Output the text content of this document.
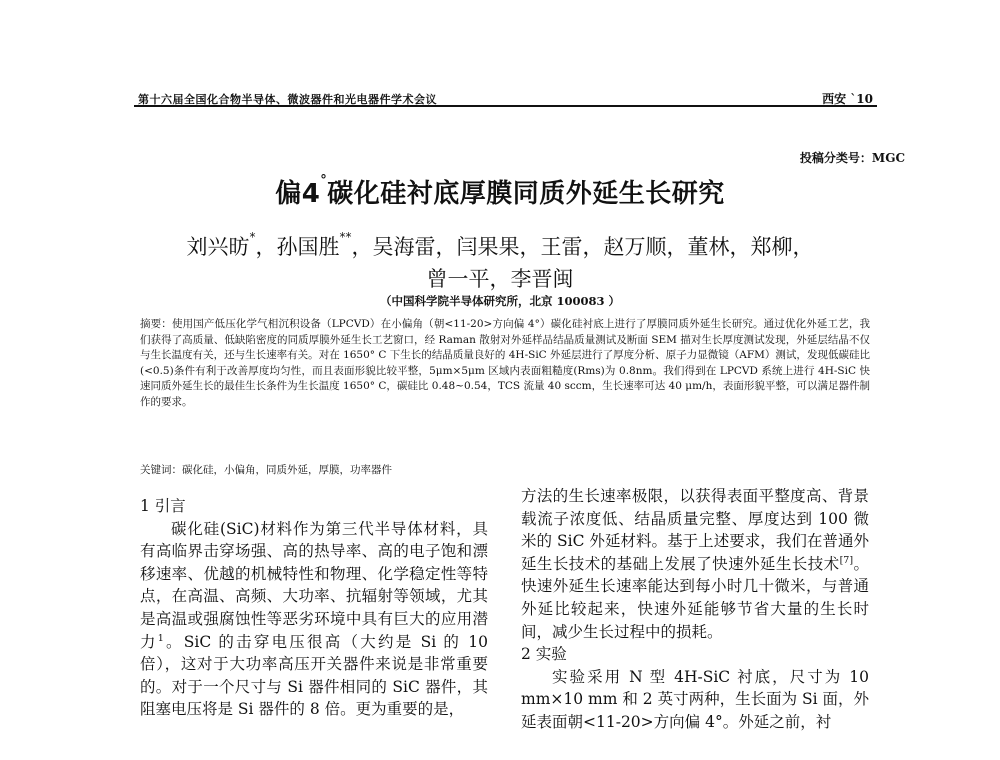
第十六届全国化合物半导体、微波器件和光电器件学术会议	西安 `10
投稿分类号：MGC
偏4°碳化硅衬底厚膜同质外延生长研究
刘兴昉*，孙国胜**，吴海雷，闫果果，王雷，赵万顺，董林，郑柳，
曾一平，李晋闽
（中国科学院半导体研究所，北京 100083 ）

摘要：使用国产低压化学气相沉积设备（LPCVD）在小偏角（朝<11-20>方向偏 4°）碳化硅衬底上进行了厚膜同质外延生长研究。通过优化外延工艺，我们获得了高质量、低缺陷密度的同质厚膜外延生长工艺窗口，经 Raman 散射对外延样品结晶质量测试及断面 SEM 描对生长厚度测试发现，外延层结晶不仅与生长温度有关，还与生长速率有关。对在 1650° C 下生长的结晶质量良好的 4H-SiC 外延层进行了厚度分析、原子力显微镜（AFM）测试，发现低碳硅比(<0.5)条件有利于改善厚度均匀性，而且表面形貌比较平整，5μm×5μm 区域内表面粗糙度(Rms)为 0.8nm。我们得到在 LPCVD 系统上进行 4H-SiC 快速同质外延生长的最佳生长条件为生长温度 1650° C，碳硅比 0.48~0.54，TCS 流量 40 sccm，生长速率可达 40 μm/h，表面形貌平整，可以满足器件制作的要求。

关键词：碳化硅，小偏角，同质外延，厚膜，功率器件

1 引言

碳化硅(SiC)材料作为第三代半导体材料，具有高临界击穿场强、高的热导率、高的电子饱和漂移速率、优越的机械特性和物理、化学稳定性等特点，在高温、高频、大功率、抗辐射等领域，尤其是高温或强腐蚀性等恶劣环境中具有巨大的应用潜力$^1$。SiC 的击穿电压很高（大约是 Si 的 10 倍），这对于大功率高压开关器件来说是非常重要的。对于一个尺寸与 Si 器件相同的 SiC 器件，其阻塞电压将是 Si 器件的 8 倍。更为重要的是，

方法的生长速率极限，以获得表面平整度高、背景载流子浓度低、结晶质量完整、厚度达到 100 微米的 SiC 外延材料。基于上述要求，我们在普通外延生长技术的基础上发展了快速外延生长技术[7]。快速外延生长速率能达到每小时几十微米，与普通外延比较起来，快速外延能够节省大量的生长时间，减少生长过程中的损耗。

2 实验

实验采用 N 型 4H-SiC 衬底，尺寸为 10 mm×10 mm 和 2 英寸两种，生长面为 Si 面，外延表面朝<11-20>方向偏 4°。外延之前，衬
